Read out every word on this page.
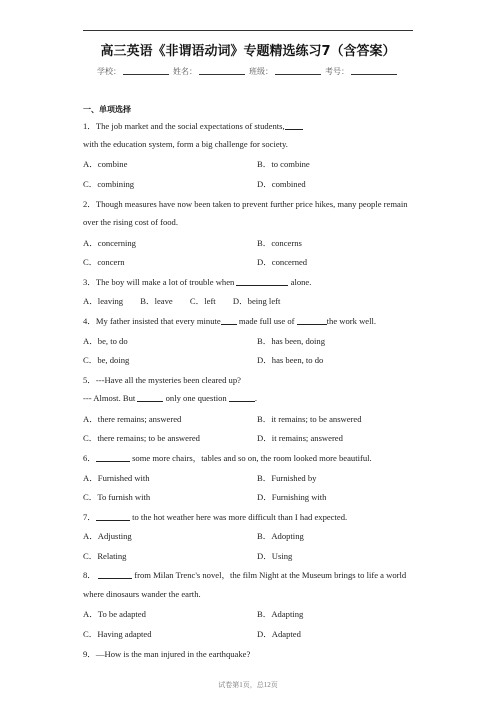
高三英语《非谓语动词》专题精选练习7（含答案）
学校：	姓名：	班级：	考号：
一、单项选择
1．The job market and the social expectations of students,
with the education system, form a big challenge for society.
A．combine	B．to combine
C．combining	D．combined
2．Though measures have now been taken to prevent further price hikes, many people remain
over the rising cost of food.
A．concerning	B．concerns
C．concern	D．concerned
3．The boy will make a lot of trouble when	alone.
A．leaving　　B．leave　　C．left　　D．being left
4．My father insisted that every minute made full use of	the work well.
A．be, to do	B．has been, doing
C．be, doing	D．has been, to do
5．---Have all the mysteries been cleared up?
--- Almost. But	only one question	.
A．there remains; answered	B．it remains; to be answered
C．there remains; to be answered	D．it remains; answered
6．	some more chairs，tables and so on, the room looked more beautiful.
A．Furnished with	B．Furnished by
C．To furnish with	D．Furnishing with
7．	to the hot weather here was more difficult than I had expected.
A．Adjusting	B．Adopting
C．Relating	D．Using
8．	from Milan Trenc's novel，the film Night at the Museum brings to life a world
where dinosaurs wander the earth.
A．To be adapted	B．Adapting
C．Having adapted	D．Adapted
9．—How is the man injured in the earthquake?
试卷第1页，总12页
